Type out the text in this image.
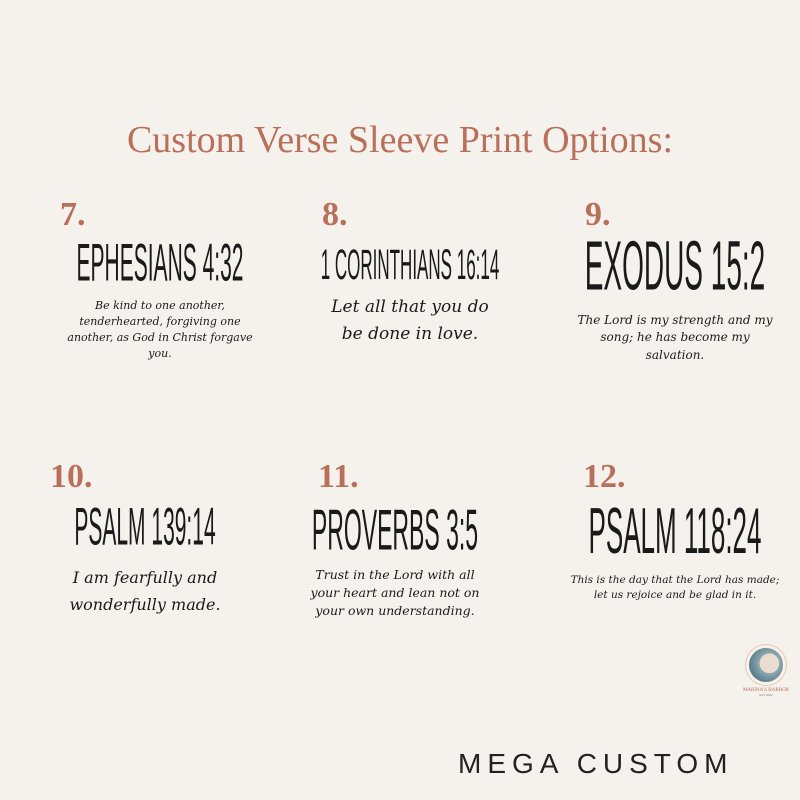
Custom Verse Sleeve Print Options:
7.
EPHESIANS 4:32
Be kind to one another, tenderhearted, forgiving one another, as God in Christ forgave you.
8.
1 CORINTHIANS 16:14
Let all that you do be done in love.
9.
EXODUS 15:2
The Lord is my strength and my song; he has become my salvation.
10.
PSALM 139:14
I am fearfully and wonderfully made.
11.
PROVERBS 3:5
Trust in the Lord with all your heart and lean not on your own understanding.
12.
PSALM 118:24
This is the day that the Lord has made; let us rejoice and be glad in it.
MARINA'S HARBOR
EST 2022
MEGA CUSTOM
